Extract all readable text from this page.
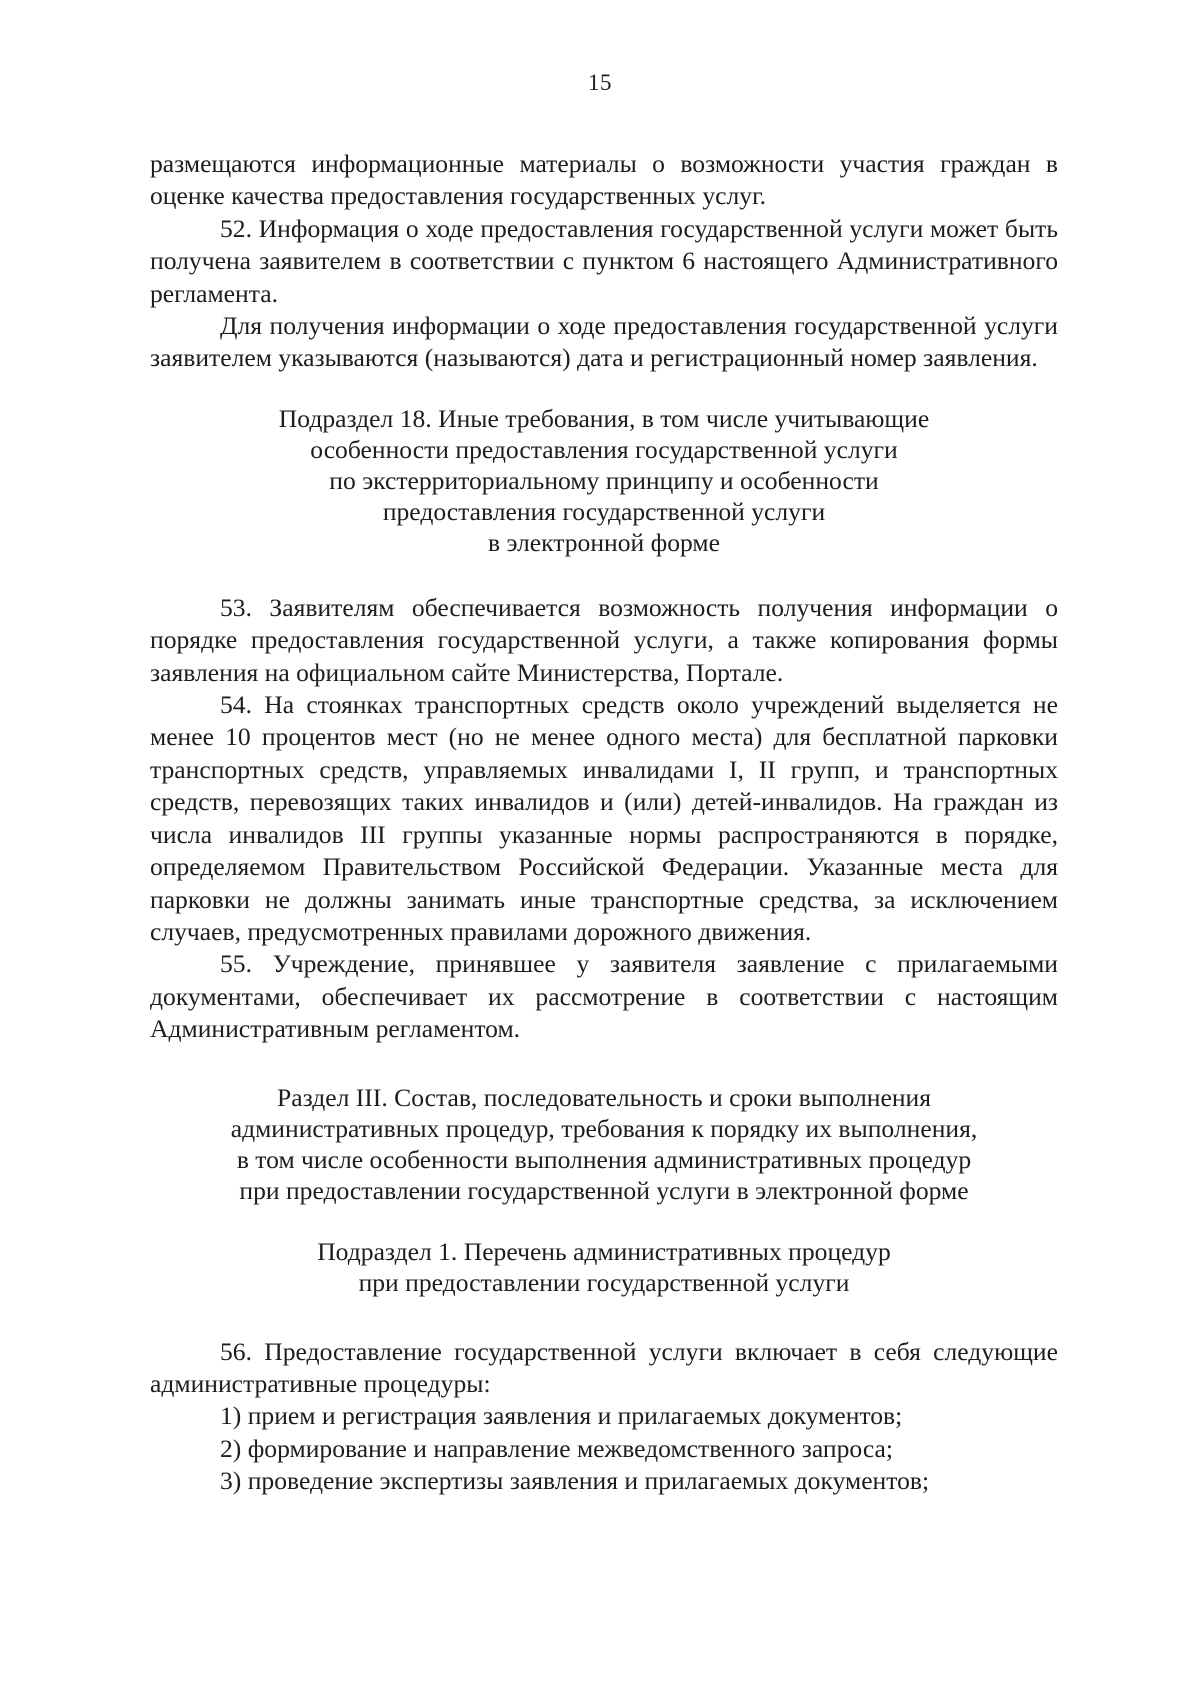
15

размещаются информационные материалы о возможности участия граждан в оценке качества предоставления государственных услуг.

52. Информация о ходе предоставления государственной услуги может быть получена заявителем в соответствии с пунктом 6 настоящего Административного регламента.

Для получения информации о ходе предоставления государственной услуги заявителем указываются (называются) дата и регистрационный номер заявления.

Подраздел 18. Иные требования, в том числе учитывающие

особенности предоставления государственной услуги

по экстерриториальному принципу и особенности

предоставления государственной услуги

в электронной форме

53. Заявителям обеспечивается возможность получения информации о порядке предоставления государственной услуги, а также копирования формы заявления на официальном сайте Министерства, Портале.

54. На стоянках транспортных средств около учреждений выделяется не менее 10 процентов мест (но не менее одного места) для бесплатной парковки транспортных средств, управляемых инвалидами I, II групп, и транспортных средств, перевозящих таких инвалидов и (или) детей-инвалидов. На граждан из числа инвалидов III группы указанные нормы распространяются в порядке, определяемом Правительством Российской Федерации. Указанные места для парковки не должны занимать иные транспортные средства, за исключением случаев, предусмотренных правилами дорожного движения.

55. Учреждение, принявшее у заявителя заявление с прилагаемыми документами, обеспечивает их рассмотрение в соответствии с настоящим Административным регламентом.

Раздел III. Состав, последовательность и сроки выполнения

административных процедур, требования к порядку их выполнения,

в том числе особенности выполнения административных процедур

при предоставлении государственной услуги в электронной форме

Подраздел 1. Перечень административных процедур

при предоставлении государственной услуги

56. Предоставление государственной услуги включает в себя следующие административные процедуры:

1) прием и регистрация заявления и прилагаемых документов;

2) формирование и направление межведомственного запроса;

3) проведение экспертизы заявления и прилагаемых документов;
